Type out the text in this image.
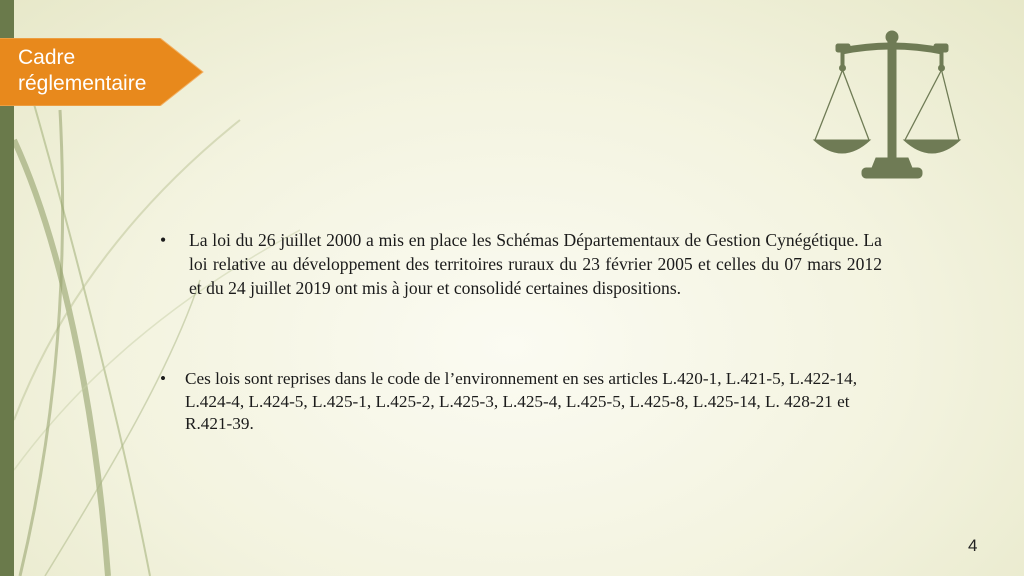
Cadre réglementaire
• La loi du 26 juillet 2000 a mis en place les Schémas Départementaux de Gestion Cynégétique. La loi relative au développement des territoires ruraux du 23 février 2005 et celles du 07 mars 2012 et du 24 juillet 2019 ont mis à jour et consolidé certaines dispositions.
• Ces lois sont reprises dans le code de l’environnement en ses articles L.420-1, L.421-5, L.422-14, L.424-4, L.424-5, L.425-1, L.425-2, L.425-3, L.425-4, L.425-5, L.425-8, L.425-14, L. 428-21 et R.421-39.
4
